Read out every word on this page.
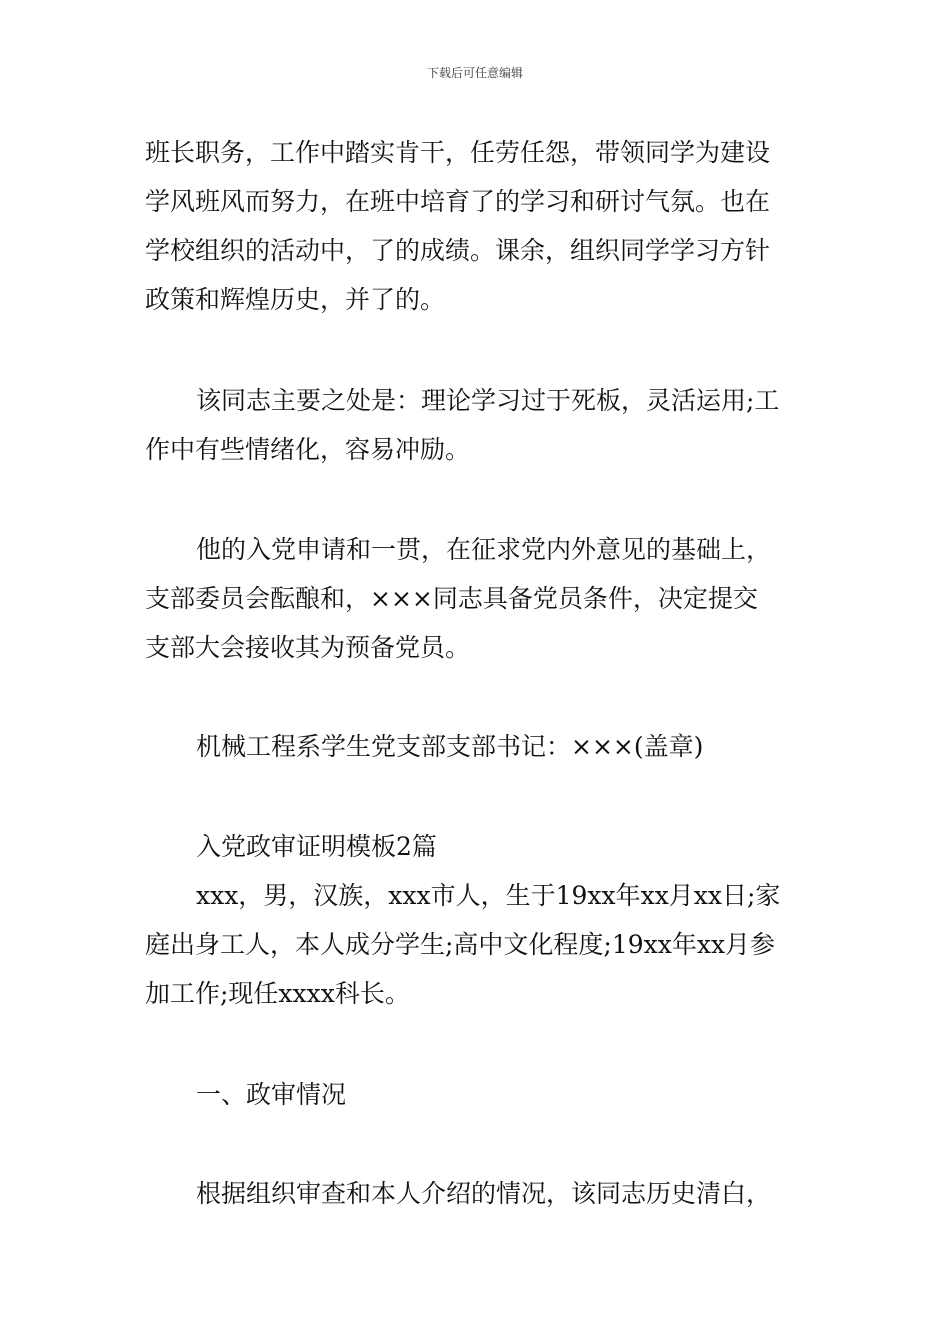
下载后可任意编辑
班长职务，工作中踏实肯干，任劳任怨，带领同学为建设
学风班风而努力，在班中培育了的学习和研讨气氛。也在
学校组织的活动中，了的成绩。课余，组织同学学习方针
政策和辉煌历史，并了的。
该同志主要之处是：理论学习过于死板，灵活运用;工
作中有些情绪化，容易冲励。
他的入党申请和一贯，在征求党内外意见的基础上，
支部委员会酝酿和，×××同志具备党员条件，决定提交
支部大会接收其为预备党员。
机械工程系学生党支部支部书记：×××(盖章)
入党政审证明模板2篇
xxx，男，汉族，xxx市人，生于19xx年xx月xx日;家
庭出身工人，本人成分学生;高中文化程度;19xx年xx月参
加工作;现任xxxx科长。
一、政审情况
根据组织审查和本人介绍的情况，该同志历史清白，
